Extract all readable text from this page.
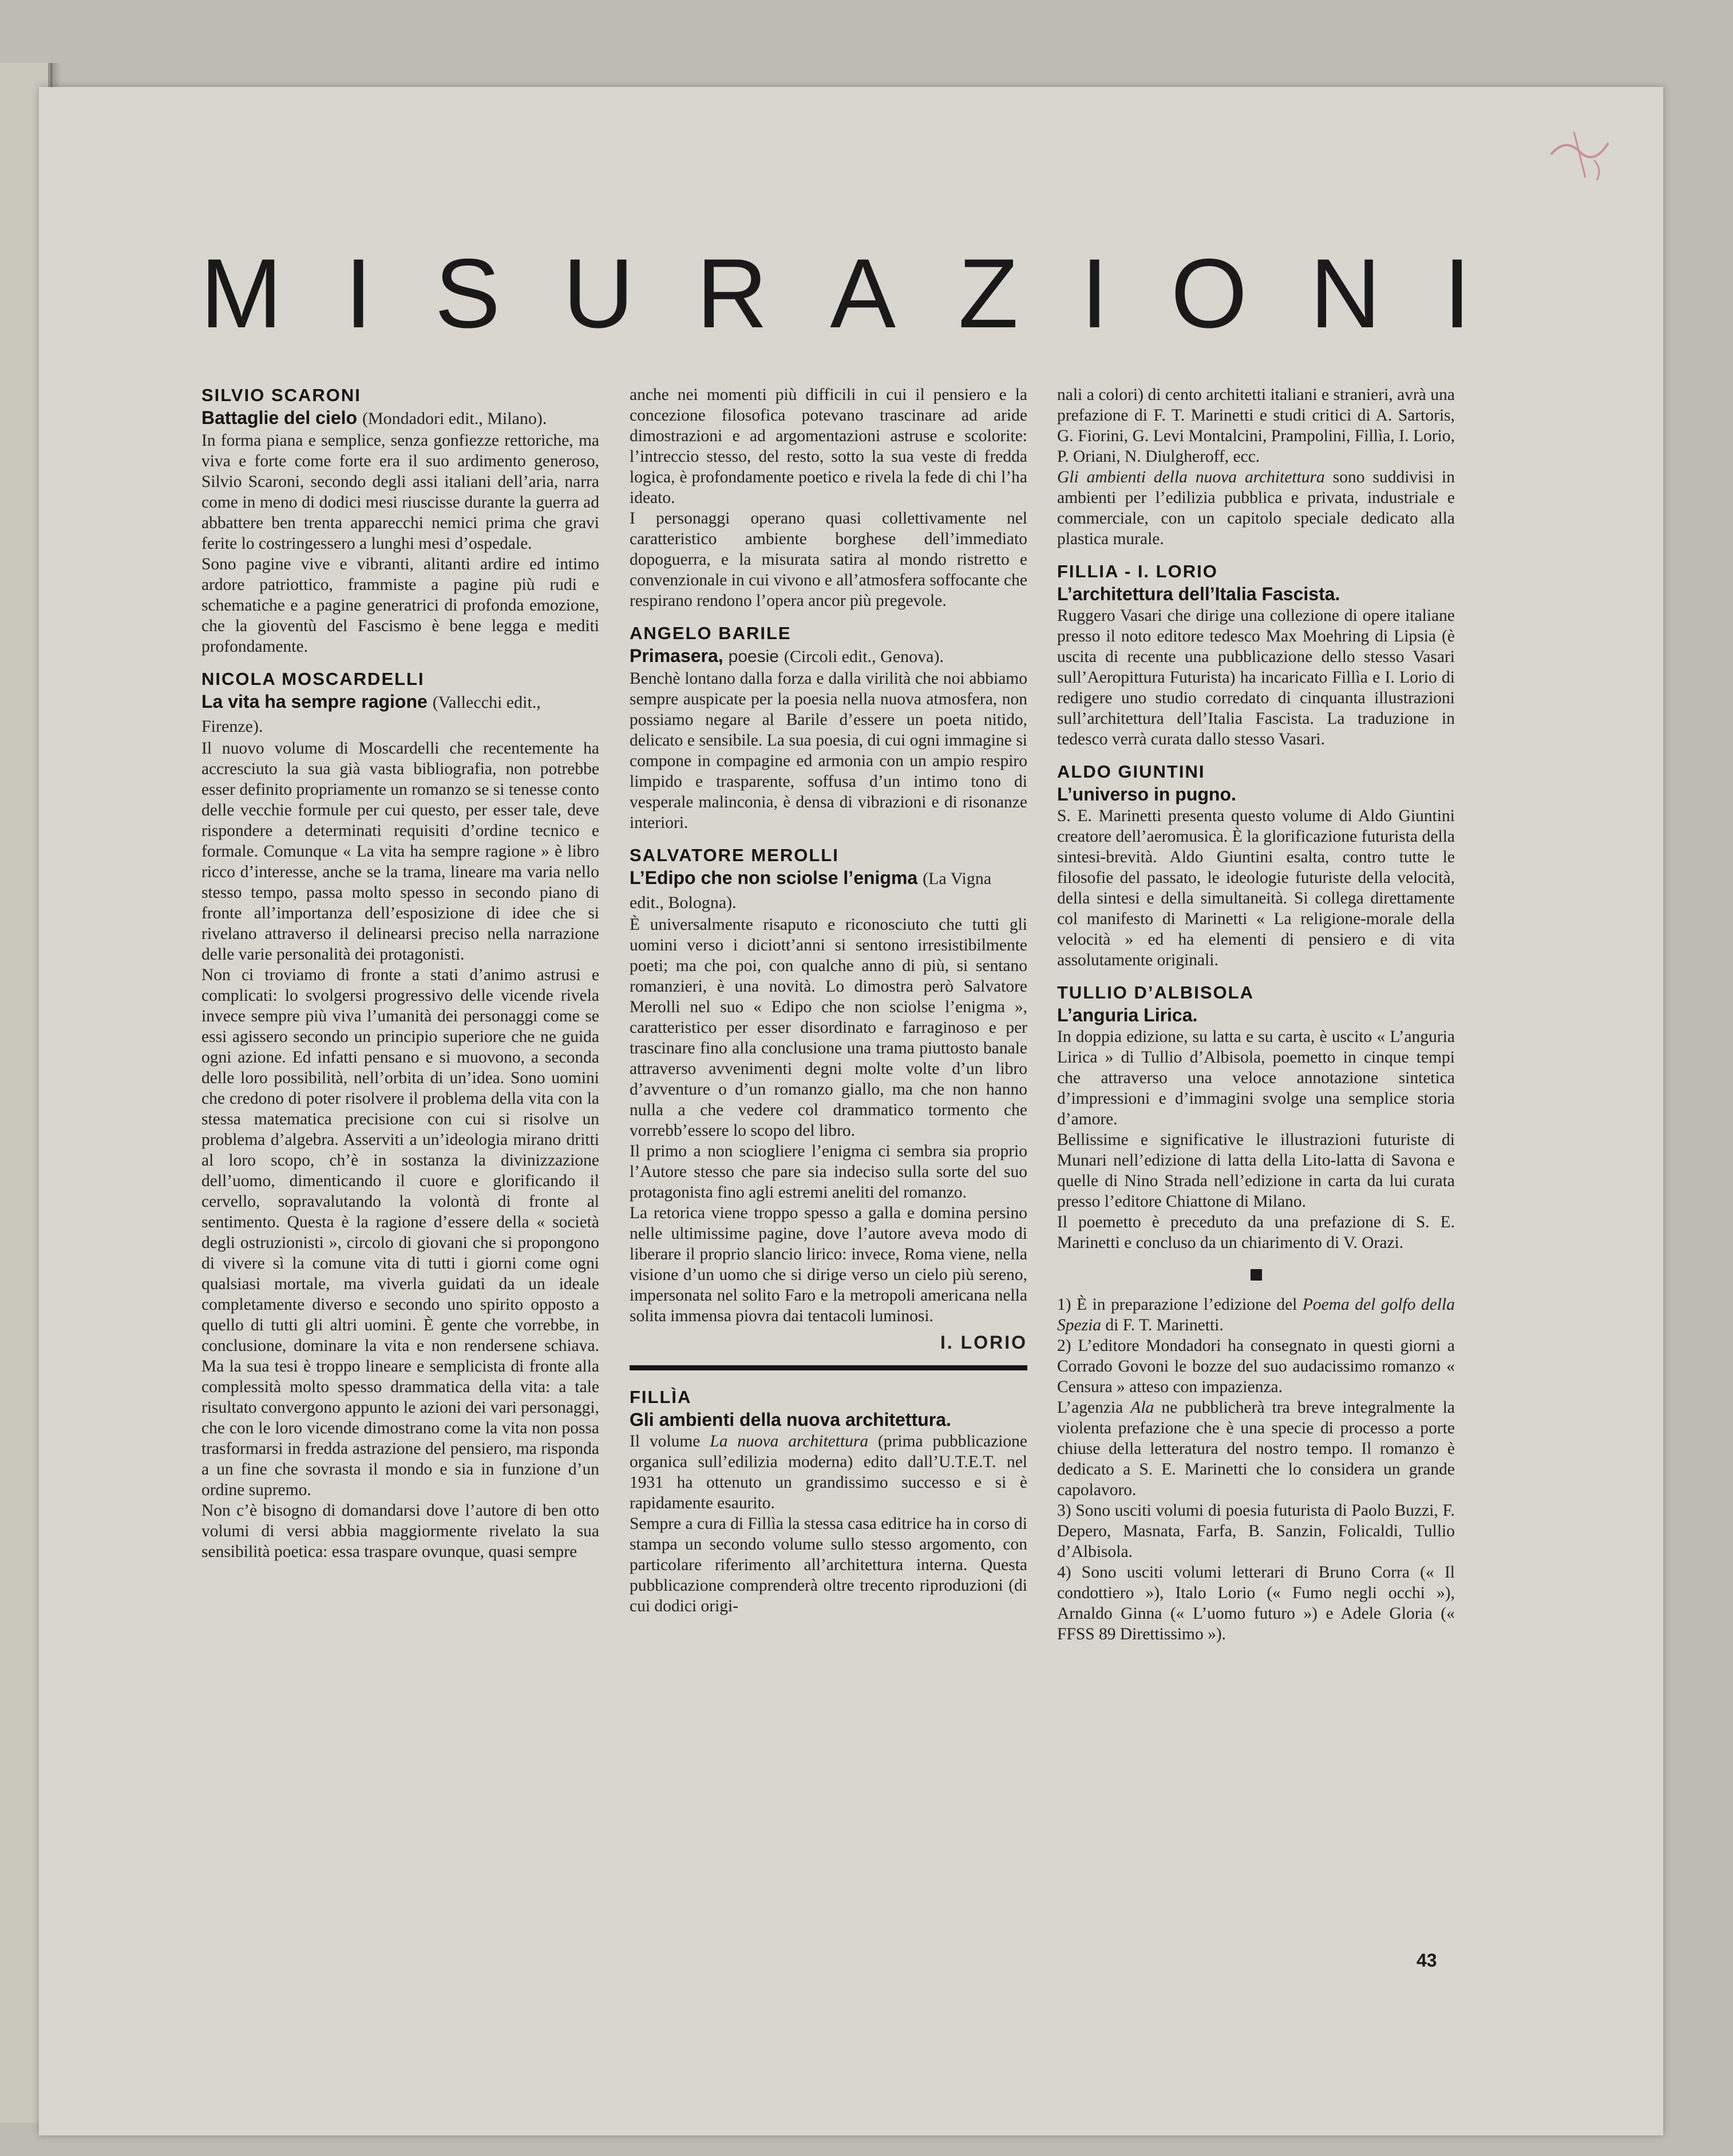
M I S U R A Z I O N I
SILVIO SCARONI
Battaglie del cielo (Mondadori edit., Milano).

In forma piana e semplice, senza gonfiezze rettoriche, ma viva e forte come forte era il suo ardimento generoso, Silvio Scaroni, secondo degli assi italiani dell’aria, narra come in meno di dodici mesi riuscisse durante la guerra ad abbattere ben trenta apparecchi nemici prima che gravi ferite lo costringessero a lunghi mesi d’ospedale.

Sono pagine vive e vibranti, alitanti ardire ed intimo ardore patriottico, frammiste a pagine più rudi e schematiche e a pagine generatrici di profonda emozione, che la gioventù del Fascismo è bene legga e mediti profondamente.

NICOLA MOSCARDELLI
La vita ha sempre ragione (Vallecchi edit., Firenze).

Il nuovo volume di Moscardelli che recentemente ha accresciuto la sua già vasta bibliografia, non potrebbe esser definito propriamente un romanzo se si tenesse conto delle vecchie formule per cui questo, per esser tale, deve rispondere a determinati requisiti d’ordine tecnico e formale. Comunque « La vita ha sempre ragione » è libro ricco d’interesse, anche se la trama, lineare ma varia nello stesso tempo, passa molto spesso in secondo piano di fronte all’importanza dell’esposizione di idee che si rivelano attraverso il delinearsi preciso nella narrazione delle varie personalità dei protagonisti.

Non ci troviamo di fronte a stati d’animo astrusi e complicati: lo svolgersi progressivo delle vicende rivela invece sempre più viva l’umanità dei personaggi come se essi agissero secondo un principio superiore che ne guida ogni azione. Ed infatti pensano e si muovono, a seconda delle loro possibilità, nell’orbita di un’idea. Sono uomini che credono di poter risolvere il problema della vita con la stessa matematica precisione con cui si risolve un problema d’algebra. Asserviti a un’ideologia mirano dritti al loro scopo, ch’è in sostanza la divinizzazione dell’uomo, dimenticando il cuore e glorificando il cervello, sopravalutando la volontà di fronte al sentimento. Questa è la ragione d’essere della « società degli ostruzionisti », circolo di giovani che si propongono di vivere sì la comune vita di tutti i giorni come ogni qualsiasi mortale, ma viverla guidati da un ideale completamente diverso e secondo uno spirito opposto a quello di tutti gli altri uomini. È gente che vorrebbe, in conclusione, dominare la vita e non rendersene schiava. Ma la sua tesi è troppo lineare e semplicista di fronte alla complessità molto spesso drammatica della vita: a tale risultato convergono appunto le azioni dei vari personaggi, che con le loro vicende dimostrano come la vita non possa trasformarsi in fredda astrazione del pensiero, ma risponda a un fine che sovrasta il mondo e sia in funzione d’un ordine supremo.

Non c’è bisogno di domandarsi dove l’autore di ben otto volumi di versi abbia maggiormente rivelato la sua sensibilità poetica: essa traspare ovunque, quasi sempre

anche nei momenti più difficili in cui il pensiero e la concezione filosofica potevano trascinare ad aride dimostrazioni e ad argomentazioni astruse e scolorite: l’intreccio stesso, del resto, sotto la sua veste di fredda logica, è profondamente poetico e rivela la fede di chi l’ha ideato.

I personaggi operano quasi collettivamente nel caratteristico ambiente borghese dell’immediato dopoguerra, e la misurata satira al mondo ristretto e convenzionale in cui vivono e all’atmosfera soffocante che respirano rendono l’opera ancor più pregevole.

ANGELO BARILE
Primasera, poesie (Circoli edit., Genova).

Benchè lontano dalla forza e dalla virilità che noi abbiamo sempre auspicate per la poesia nella nuova atmosfera, non possiamo negare al Barile d’essere un poeta nitido, delicato e sensibile. La sua poesia, di cui ogni immagine si compone in compagine ed armonia con un ampio respiro limpido e trasparente, soffusa d’un intimo tono di vesperale malinconia, è densa di vibrazioni e di risonanze interiori.

SALVATORE MEROLLI
L’Edipo che non sciolse l’enigma (La Vigna edit., Bologna).

È universalmente risaputo e riconosciuto che tutti gli uomini verso i diciott’anni si sentono irresistibilmente poeti; ma che poi, con qualche anno di più, si sentano romanzieri, è una novità. Lo dimostra però Salvatore Merolli nel suo « Edipo che non sciolse l’enigma », caratteristico per esser disordinato e farraginoso e per trascinare fino alla conclusione una trama piuttosto banale attraverso avvenimenti degni molte volte d’un libro d’avventure o d’un romanzo giallo, ma che non hanno nulla a che vedere col drammatico tormento che vorrebb’essere lo scopo del libro.

Il primo a non sciogliere l’enigma ci sembra sia proprio l’Autore stesso che pare sia indeciso sulla sorte del suo protagonista fino agli estremi aneliti del romanzo.

La retorica viene troppo spesso a galla e domina persino nelle ultimissime pagine, dove l’autore aveva modo di liberare il proprio slancio lirico: invece, Roma viene, nella visione d’un uomo che si dirige verso un cielo più sereno, impersonata nel solito Faro e la metropoli americana nella solita immensa piovra dai tentacoli luminosi.

I. LORIO
FILLÌA
Gli ambienti della nuova architettura.

Il volume La nuova architettura (prima pubblicazione organica sull’edilizia moderna) edito dall’U.T.E.T. nel 1931 ha ottenuto un grandissimo successo e si è rapidamente esaurito.

Sempre a cura di Fillìa la stessa casa editrice ha in corso di stampa un secondo volume sullo stesso argomento, con particolare riferimento all’architettura interna. Questa pubblicazione comprenderà oltre trecento riproduzioni (di cui dodici origi-

nali a colori) di cento architetti italiani e stranieri, avrà una prefazione di F. T. Marinetti e studi critici di A. Sartoris, G. Fiorini, G. Levi Montalcini, Prampolini, Fillìa, I. Lorio, P. Oriani, N. Diulgheroff, ecc.

Gli ambienti della nuova architettura sono suddivisi in ambienti per l’edilizia pubblica e privata, industriale e commerciale, con un capitolo speciale dedicato alla plastica murale.

FILLIA - I. LORIO
L’architettura dell’Italia Fascista.

Ruggero Vasari che dirige una collezione di opere italiane presso il noto editore tedesco Max Moehring di Lipsia (è uscita di recente una pubblicazione dello stesso Vasari sull’Aeropittura Futurista) ha incaricato Fillìa e I. Lorio di redigere uno studio corredato di cinquanta illustrazioni sull’architettura dell’Italia Fascista. La traduzione in tedesco verrà curata dallo stesso Vasari.

ALDO GIUNTINI
L’universo in pugno.

S. E. Marinetti presenta questo volume di Aldo Giuntini creatore dell’aeromusica. È la glorificazione futurista della sintesi-brevità. Aldo Giuntini esalta, contro tutte le filosofie del passato, le ideologie futuriste della velocità, della sintesi e della simultaneità. Si collega direttamente col manifesto di Marinetti « La religione-morale della velocità » ed ha elementi di pensiero e di vita assolutamente originali.

TULLIO D’ALBISOLA
L’anguria Lirica.

In doppia edizione, su latta e su carta, è uscito « L’anguria Lirica » di Tullio d’Albisola, poemetto in cinque tempi che attraverso una veloce annotazione sintetica d’impressioni e d’immagini svolge una semplice storia d’amore.

Bellissime e significative le illustrazioni futuriste di Munari nell’edizione di latta della Lito-latta di Savona e quelle di Nino Strada nell’edizione in carta da lui curata presso l’editore Chiattone di Milano.

Il poemetto è preceduto da una prefazione di S. E. Marinetti e concluso da un chiarimento di V. Orazi.

1) È in preparazione l’edizione del Poema del golfo della Spezia di F. T. Marinetti.

2) L’editore Mondadori ha consegnato in questi giorni a Corrado Govoni le bozze del suo audacissimo romanzo « Censura » atteso con impazienza.

L’agenzia Ala ne pubblicherà tra breve integralmente la violenta prefazione che è una specie di processo a porte chiuse della letteratura del nostro tempo. Il romanzo è dedicato a S. E. Marinetti che lo considera un grande capolavoro.

3) Sono usciti volumi di poesia futurista di Paolo Buzzi, F. Depero, Masnata, Farfa, B. Sanzin, Folicaldi, Tullio d’Albisola.

4) Sono usciti volumi letterari di Bruno Corra (« Il condottiero »), Italo Lorio (« Fumo negli occhi »), Arnaldo Ginna (« L’uomo futuro ») e Adele Gloria (« FFSS 89 Direttissimo »).

43
